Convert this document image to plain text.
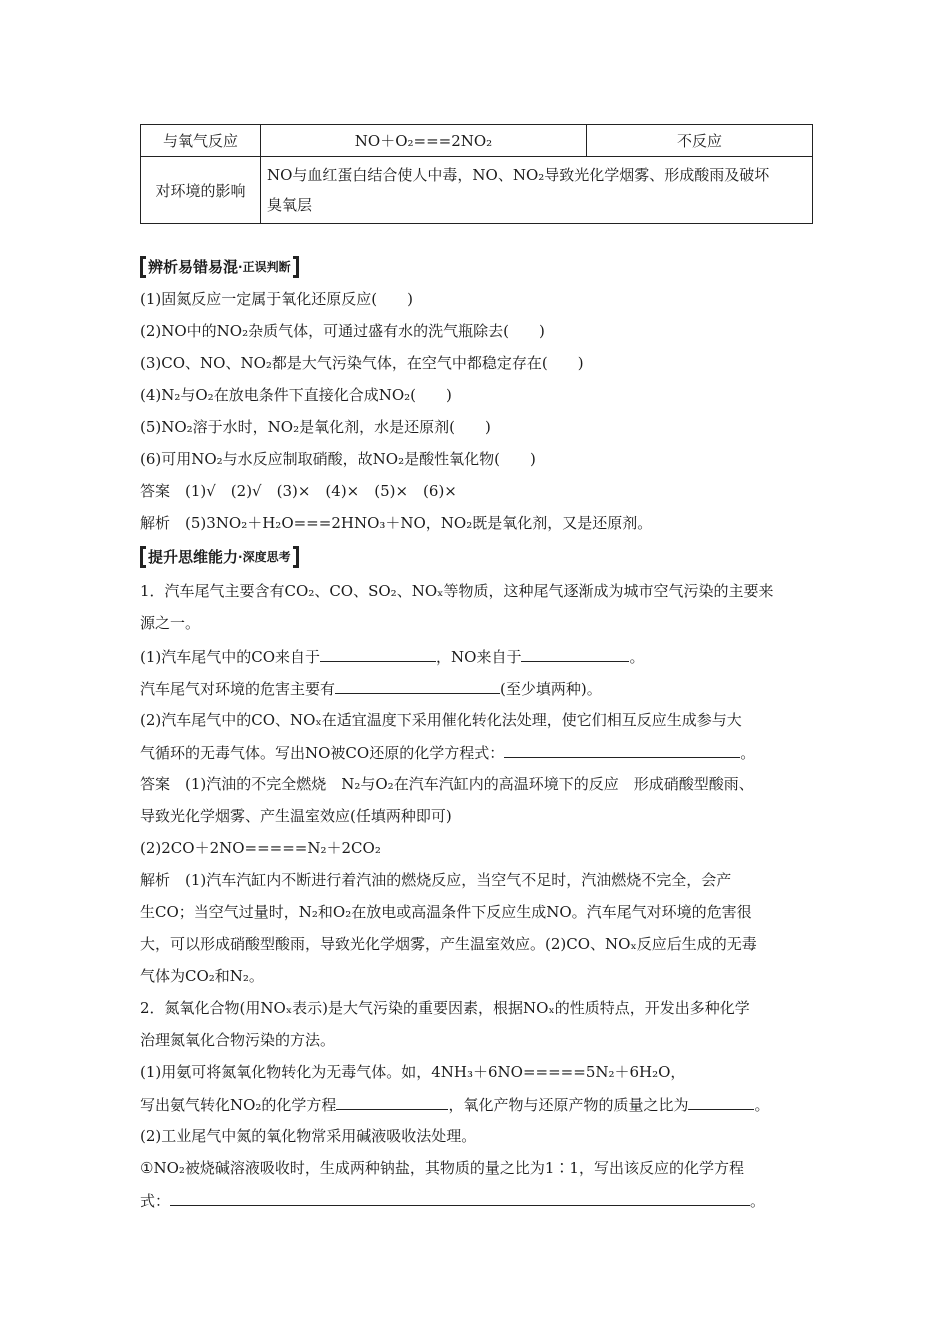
与氧气反应	NO＋O₂===2NO₂	不反应
对环境的影响	NO与血红蛋白结合使人中毒，NO、NO₂导致光化学烟雾、形成酸雨及破坏
臭氧层	
辨析易错易混 ·正误判断
(1)固氮反应一定属于氧化还原反应(　　)
(2)NO中的NO₂杂质气体，可通过盛有水的洗气瓶除去(　　)
(3)CO、NO、NO₂都是大气污染气体，在空气中都稳定存在(　　)
(4)N₂与O₂在放电条件下直接化合成NO₂(　　)
(5)NO₂溶于水时，NO₂是氧化剂，水是还原剂(　　)
(6)可用NO₂与水反应制取硝酸，故NO₂是酸性氧化物(　　)
答案　(1)√　(2)√　(3)×　(4)×　(5)×　(6)×
解析　(5)3NO₂＋H₂O===2HNO₃＋NO，NO₂既是氧化剂，又是还原剂。
提升思维能力 ·深度思考
1．汽车尾气主要含有CO₂、CO、SO₂、NOₓ等物质，这种尾气逐渐成为城市空气污染的主要来
源之一。
(1)汽车尾气中的CO来自于	，NO来自于	。
汽车尾气对环境的危害主要有	(至少填两种)。
(2)汽车尾气中的CO、NOₓ在适宜温度下采用催化转化法处理，使它们相互反应生成参与大
气循环的无毒气体。写出NO被CO还原的化学方程式：	。
答案　(1)汽油的不完全燃烧　N₂与O₂在汽车汽缸内的高温环境下的反应　形成硝酸型酸雨、
导致光化学烟雾、产生温室效应(任填两种即可)
(2)2CO＋2NO=====N₂＋2CO₂
解析　(1)汽车汽缸内不断进行着汽油的燃烧反应，当空气不足时，汽油燃烧不完全，会产
生CO；当空气过量时，N₂和O₂在放电或高温条件下反应生成NO。汽车尾气对环境的危害很
大，可以形成硝酸型酸雨，导致光化学烟雾，产生温室效应。(2)CO、NOₓ反应后生成的无毒
气体为CO₂和N₂。
2．氮氧化合物(用NOₓ表示)是大气污染的重要因素，根据NOₓ的性质特点，开发出多种化学
治理氮氧化合物污染的方法。
(1)用氨可将氮氧化物转化为无毒气体。如，4NH₃＋6NO=====5N₂＋6H₂O，
写出氨气转化NO₂的化学方程	，氧化产物与还原产物的质量之比为	。
(2)工业尾气中氮的氧化物常采用碱液吸收法处理。
①NO₂被烧碱溶液吸收时，生成两种钠盐，其物质的量之比为1∶1，写出该反应的化学方程
式：	。
